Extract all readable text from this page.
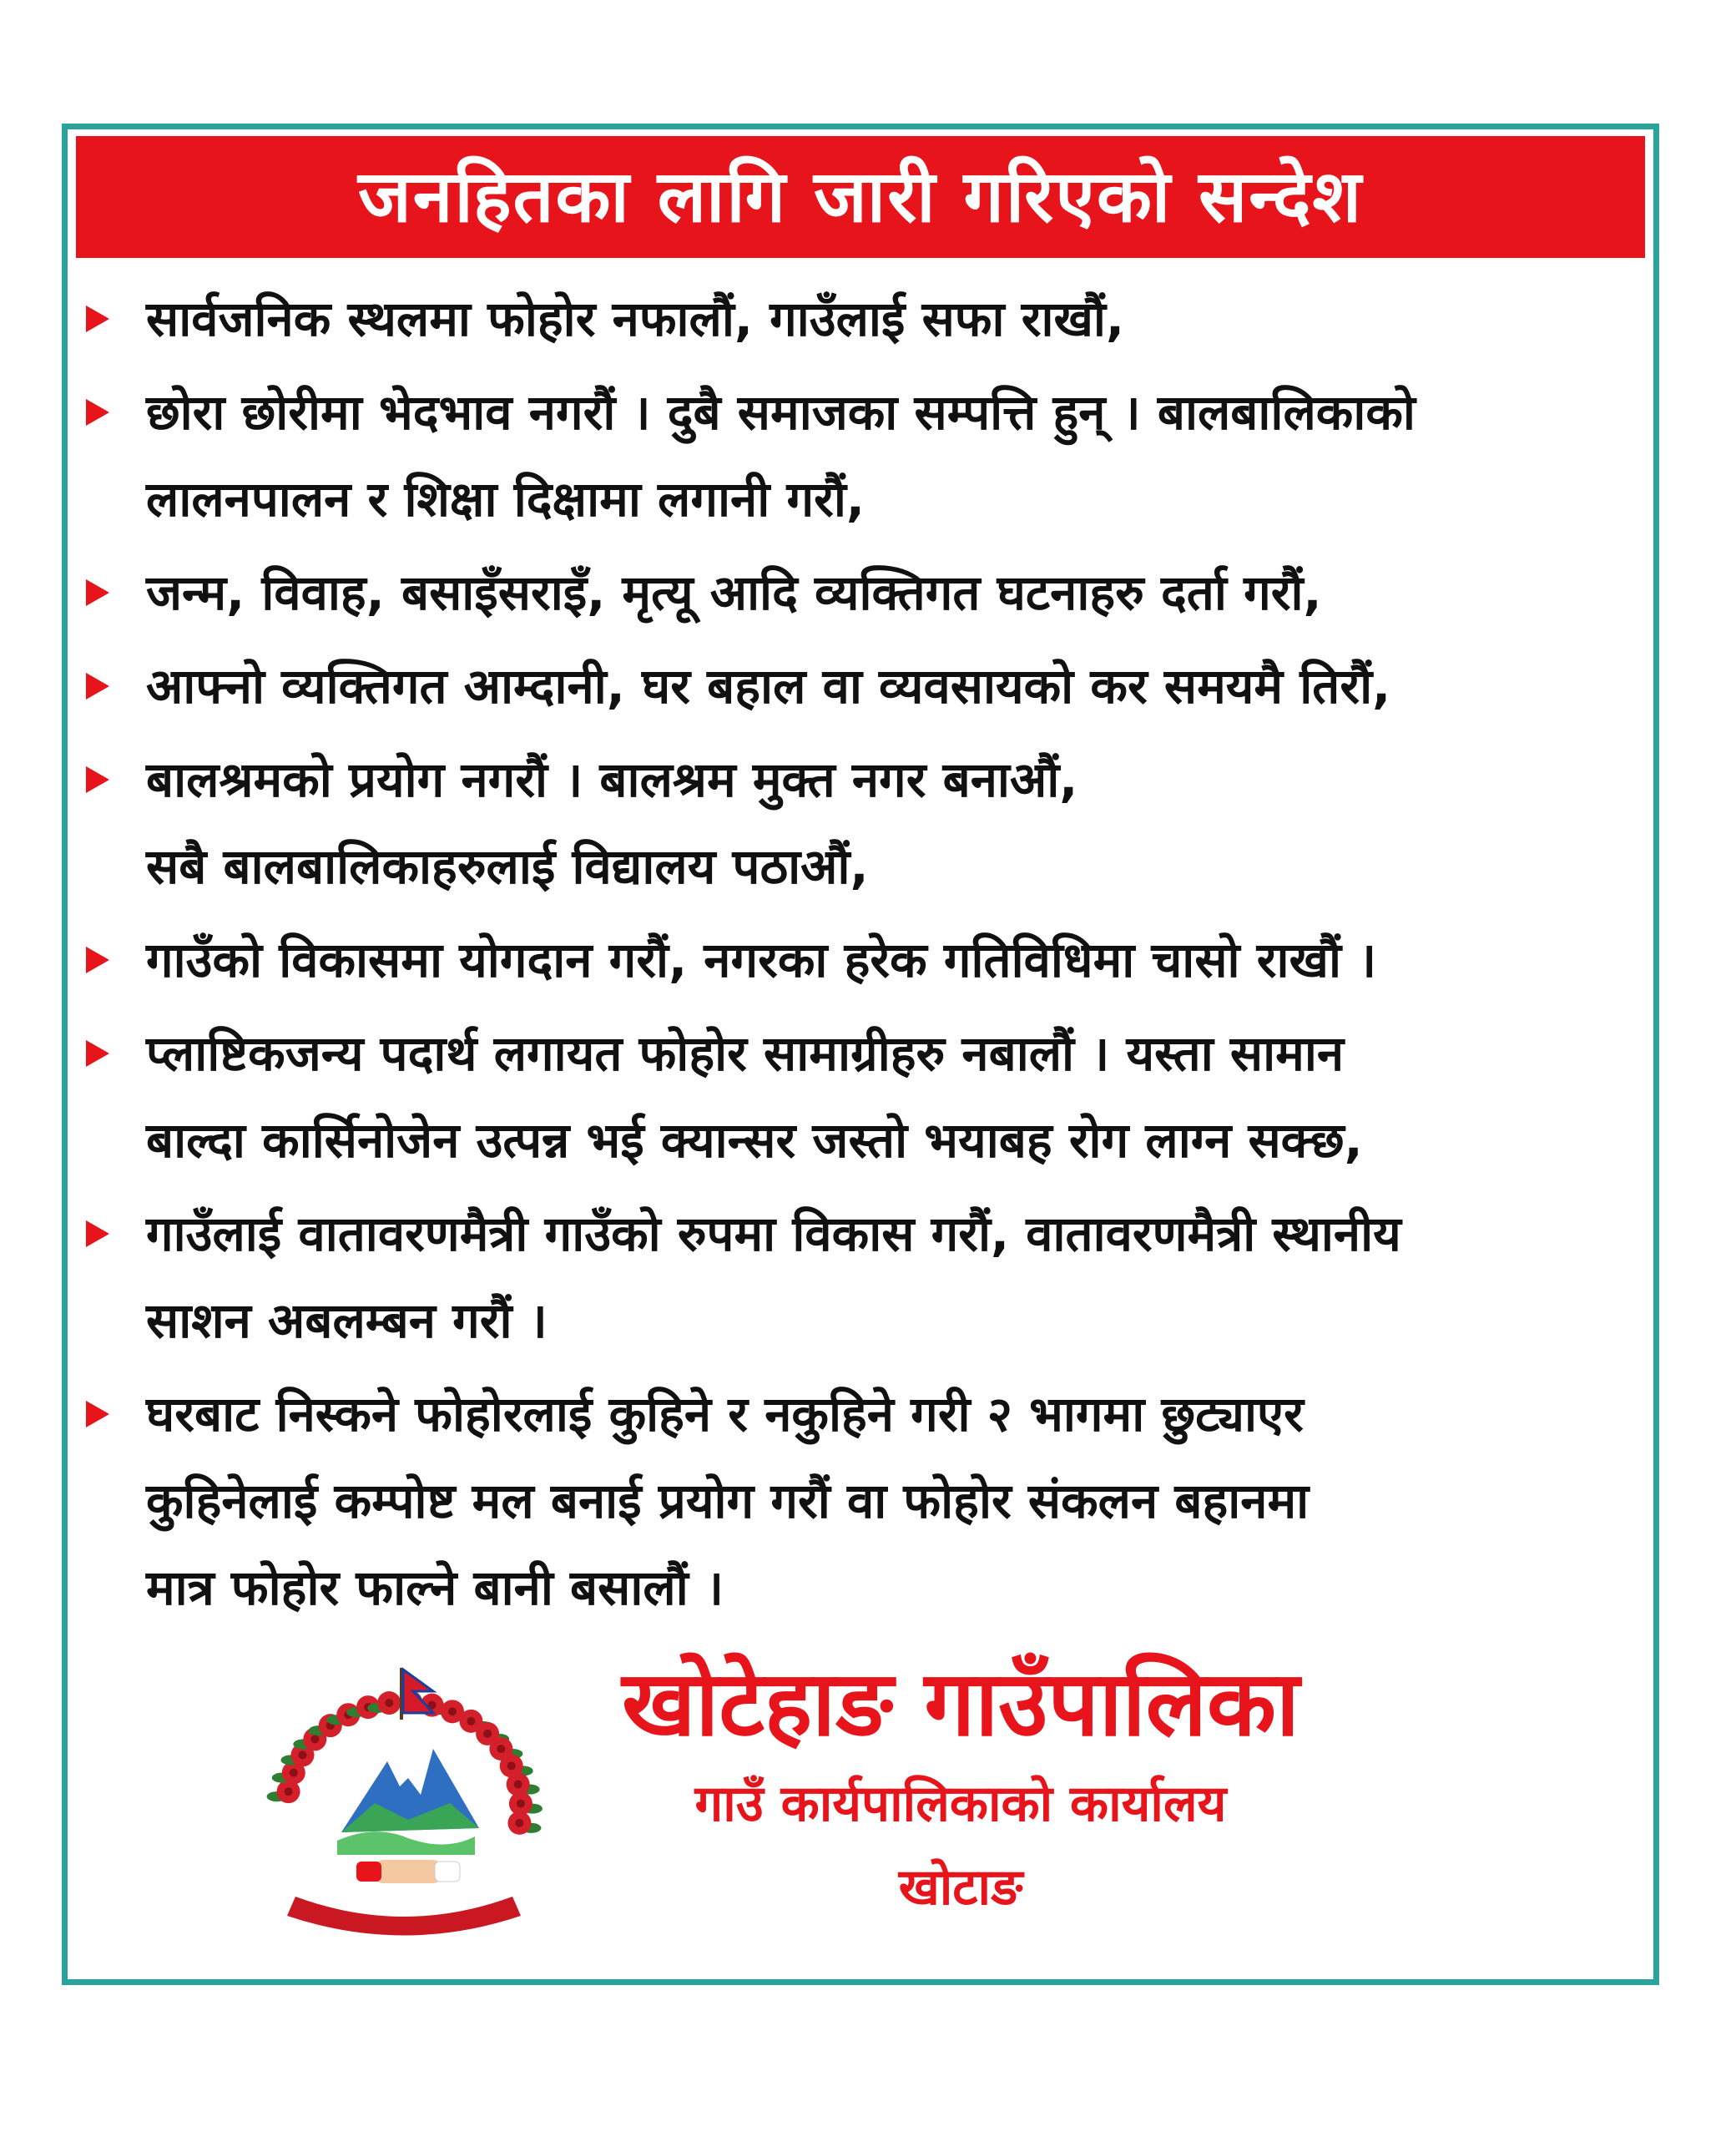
जनहितका लागि जारी गरिएको सन्देश
सार्वजनिक स्थलमा फोहोर नफालौं, गाउँलाई सफा राखौं,
छोरा छोरीमा भेदभाव नगरौं । दुबै समाजका सम्पत्ति हुन् । बालबालिकाको
लालनपालन र शिक्षा दिक्षामा लगानी गरौं,
जन्म, विवाह, बसाइँसराइँ, मृत्यू आदि व्यक्तिगत घटनाहरु दर्ता गरौं,
आफ्नो व्यक्तिगत आम्दानी, घर बहाल वा व्यवसायको कर समयमै तिरौं,
बालश्रमको प्रयोग नगरौं । बालश्रम मुक्त नगर बनाऔं,
सबै बालबालिकाहरुलाई विद्यालय पठाऔं,
गाउँको विकासमा योगदान गरौं, नगरका हरेक गतिविधिमा चासो राखौं ।
प्लाष्टिकजन्य पदार्थ लगायत फोहोर सामाग्रीहरु नबालौं । यस्ता सामान
बाल्दा कार्सिनोजेन उत्पन्न भई क्यान्सर जस्तो भयाबह रोग लाग्न सक्छ,
गाउँलाई वातावरणमैत्री गाउँको रुपमा विकास गरौं, वातावरणमैत्री स्थानीय
साशन अबलम्बन गरौं ।
घरबाट निस्कने फोहोरलाई कुहिने र नकुहिने गरी २ भागमा छुट्याएर
कुहिनेलाई कम्पोष्ट मल बनाई प्रयोग गरौं वा फोहोर संकलन बहानमा
मात्र फोहोर फाल्ने बानी बसालौं ।
खोटेहाङ गाउँपालिका
गाउँ कार्यपालिकाको कार्यालय
खोटाङ
